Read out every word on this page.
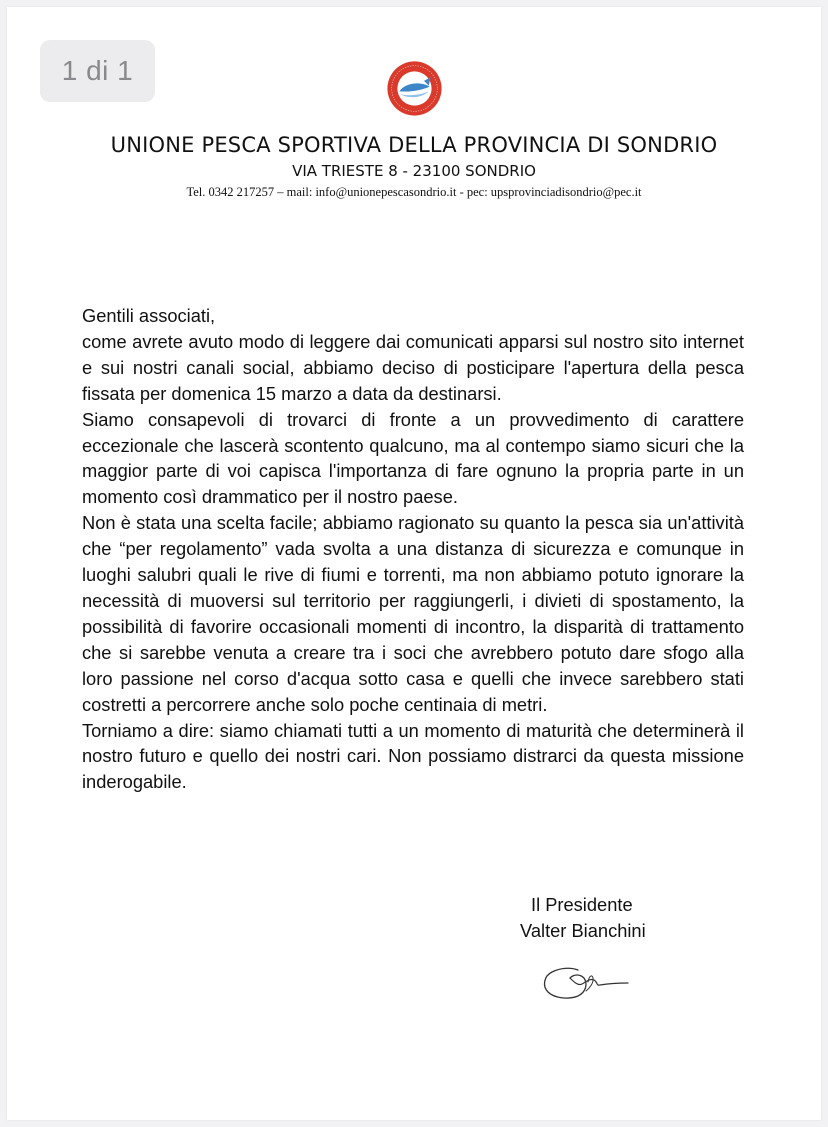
1 di 1
UNIONE PESCA SPORTIVA DELLA PROVINCIA DI SONDRIO
VIA TRIESTE 8 - 23100 SONDRIO
Tel. 0342 217257 – mail: info@unionepescasondrio.it - pec: upsprovinciadisondrio@pec.it

Gentili associati,

come avrete avuto modo di leggere dai comunicati apparsi sul nostro sito internet e sui nostri canali social, abbiamo deciso di posticipare l'apertura della pesca fissata per domenica 15 marzo a data da destinarsi.

Siamo consapevoli di trovarci di fronte a un provvedimento di carattere eccezionale che lascerà scontento qualcuno, ma al contempo siamo sicuri che la maggior parte di voi capisca l'importanza di fare ognuno la propria parte in un momento così drammatico per il nostro paese.

Non è stata una scelta facile; abbiamo ragionato su quanto la pesca sia un'attività che “per regolamento” vada svolta a una distanza di sicurezza e comunque in luoghi salubri quali le rive di fiumi e torrenti, ma non abbiamo potuto ignorare la necessità di muoversi sul territorio per raggiungerli, i divieti di spostamento, la possibilità di favorire occasionali momenti di incontro, la disparità di trattamento che si sarebbe venuta a creare tra i soci che avrebbero potuto dare sfogo alla loro passione nel corso d'acqua sotto casa e quelli che invece sarebbero stati costretti a percorrere anche solo poche centinaia di metri.

Torniamo a dire: siamo chiamati tutti a un momento di maturità che determinerà il nostro futuro e quello dei nostri cari. Non possiamo distrarci da questa missione inderogabile.

Il Presidente
Valter Bianchini
